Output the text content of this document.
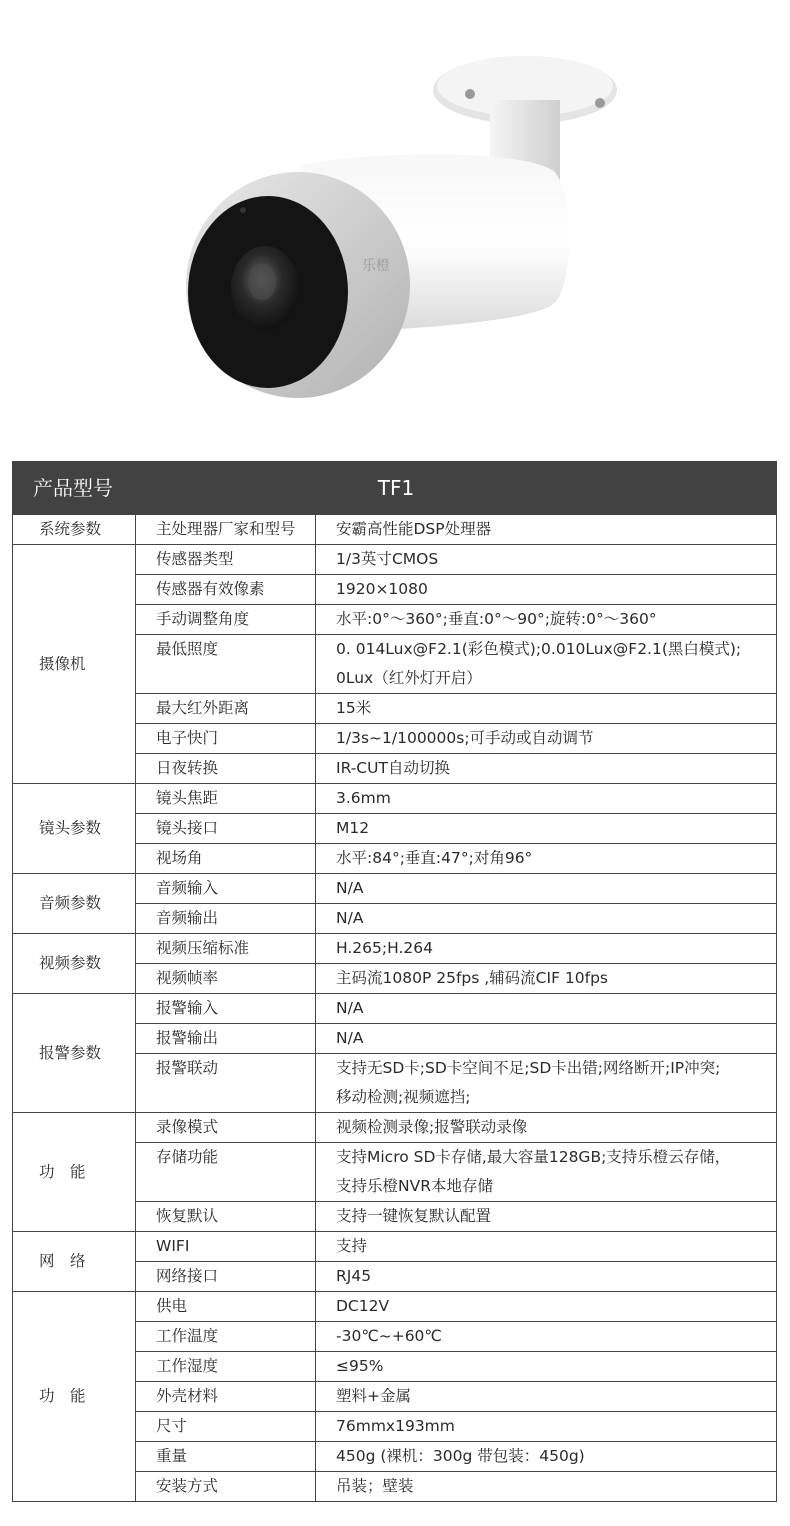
乐橙
产品型号	TF1	
系统参数	主处理器厂家和型号	安霸高性能DSP处理器

摄像机	传感器类型	1/3英寸CMOS

	传感器有效像素	1920×1080

	手动调整角度	水平:0°～360°;垂直:0°～90°;旋转:0°～360°

	最低照度	0. 014Lux@F2.1(彩色模式);0.010Lux@F2.1(黑白模式);
0Lux（红外灯开启）

	最大红外距离	15米

	电子快门	1/3s~1/100000s;可手动或自动调节

	日夜转换	IR-CUT自动切换

镜头参数	镜头焦距	3.6mm

	镜头接口	M12

	视场角	水平:84°;垂直:47°;对角96°

音频参数	音频输入	N/A

	音频输出	N/A

视频参数	视频压缩标准	H.265;H.264

	视频帧率	主码流1080P 25fps ,辅码流CIF 10fps

报警参数	报警输入	N/A

	报警输出	N/A

	报警联动	支持无SD卡;SD卡空间不足;SD卡出错;网络断开;IP冲突;
移动检测;视频遮挡;

功　能	录像模式	视频检测录像;报警联动录像

	存储功能	支持Micro SD卡存储,最大容量128GB;支持乐橙云存储，
支持乐橙NVR本地存储

	恢复默认	支持一键恢复默认配置

网　络	WIFI	支持

	网络接口	RJ45

功　能	供电	DC12V

	工作温度	-30℃~+60℃

	工作湿度	≤95%

	外壳材料	塑料+金属

	尺寸	76mmx193mm

	重量	450g (裸机：300g 带包装：450g)

	安装方式	吊装；壁装
